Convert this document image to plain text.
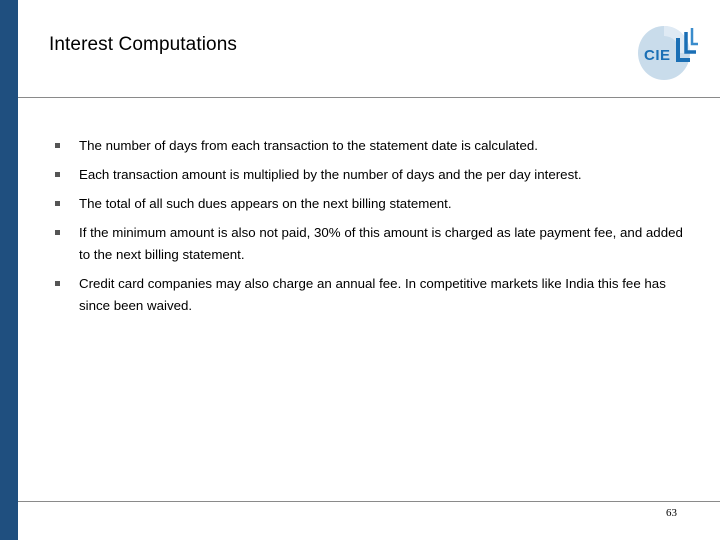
Interest Computations
CIE
The number of days from each transaction to the statement date is calculated.
Each transaction amount is multiplied by the number of days and the per day interest.
The total of all such dues appears on the next billing statement.
If the minimum amount is also not paid, 30% of this amount is charged as late payment fee, and added to the next billing statement.
Credit card companies may also charge an annual fee. In competitive markets like India this fee has since been waived.
63
